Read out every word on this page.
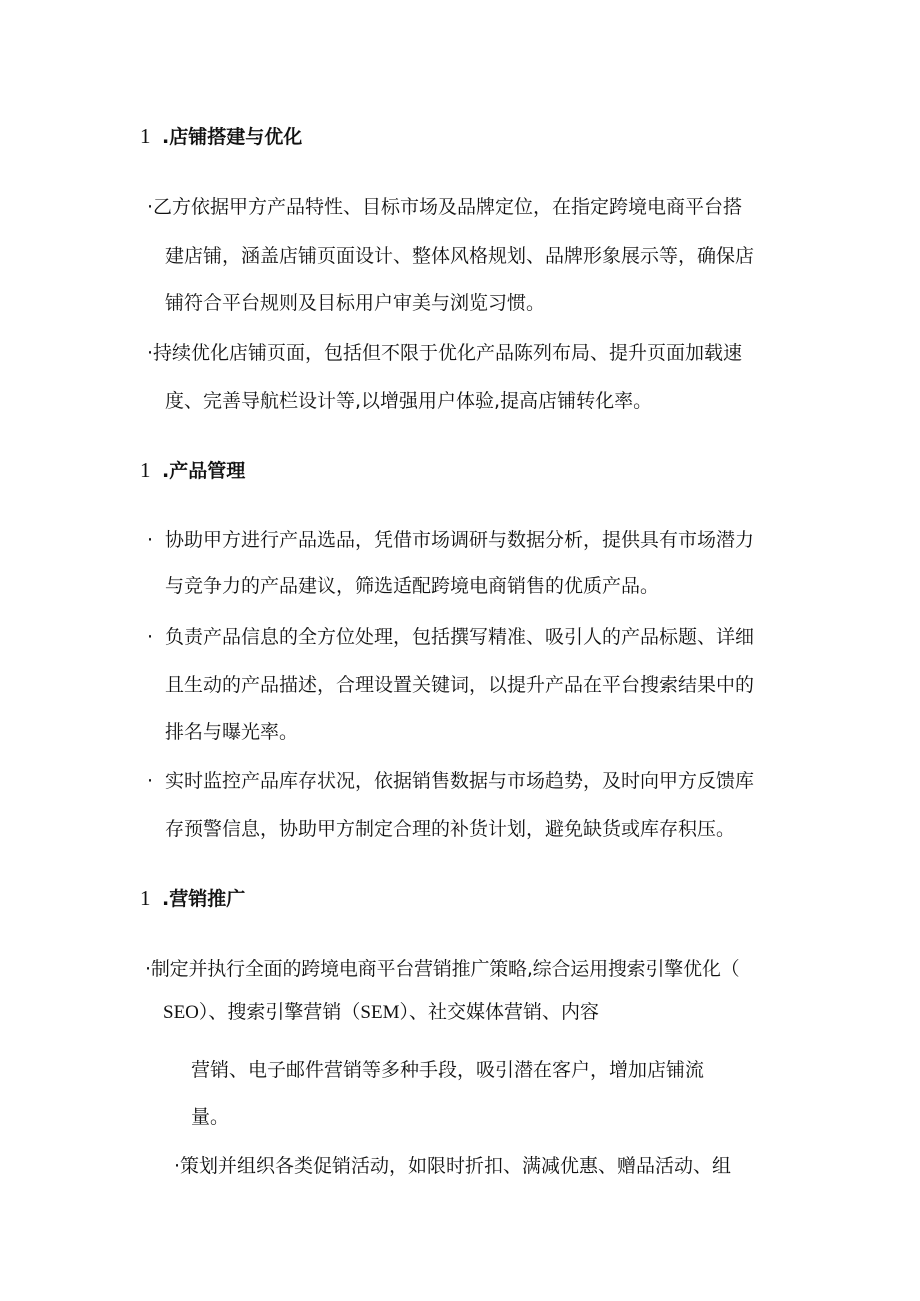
1 .店铺搭建与优化
·乙方依据甲方产品特性、目标市场及品牌定位，在指定跨境电商平台搭
建店铺，涵盖店铺页面设计、整体风格规划、品牌形象展示等，确保店
铺符合平台规则及目标用户审美与浏览习惯。
·持续优化店铺页面，包括但不限于优化产品陈列布局、提升页面加载速
度、完善导航栏设计等,以增强用户体验,提高店铺转化率。
1 .产品管理
· 协助甲方进行产品选品，凭借市场调研与数据分析，提供具有市场潜力
与竞争力的产品建议，筛选适配跨境电商销售的优质产品。
· 负责产品信息的全方位处理，包括撰写精准、吸引人的产品标题、详细
且生动的产品描述，合理设置关键词，以提升产品在平台搜索结果中的
排名与曝光率。
· 实时监控产品库存状况，依据销售数据与市场趋势，及时向甲方反馈库
存预警信息，协助甲方制定合理的补货计划，避免缺货或库存积压。
1 .营销推广
·制定并执行全面的跨境电商平台营销推广策略,综合运用搜索引擎优化（
SEO）、搜索引擎营销（SEM）、社交媒体营销、内容
营销、电子邮件营销等多种手段，吸引潜在客户，增加店铺流
量。
·策划并组织各类促销活动，如限时折扣、满减优惠、赠品活动、组
